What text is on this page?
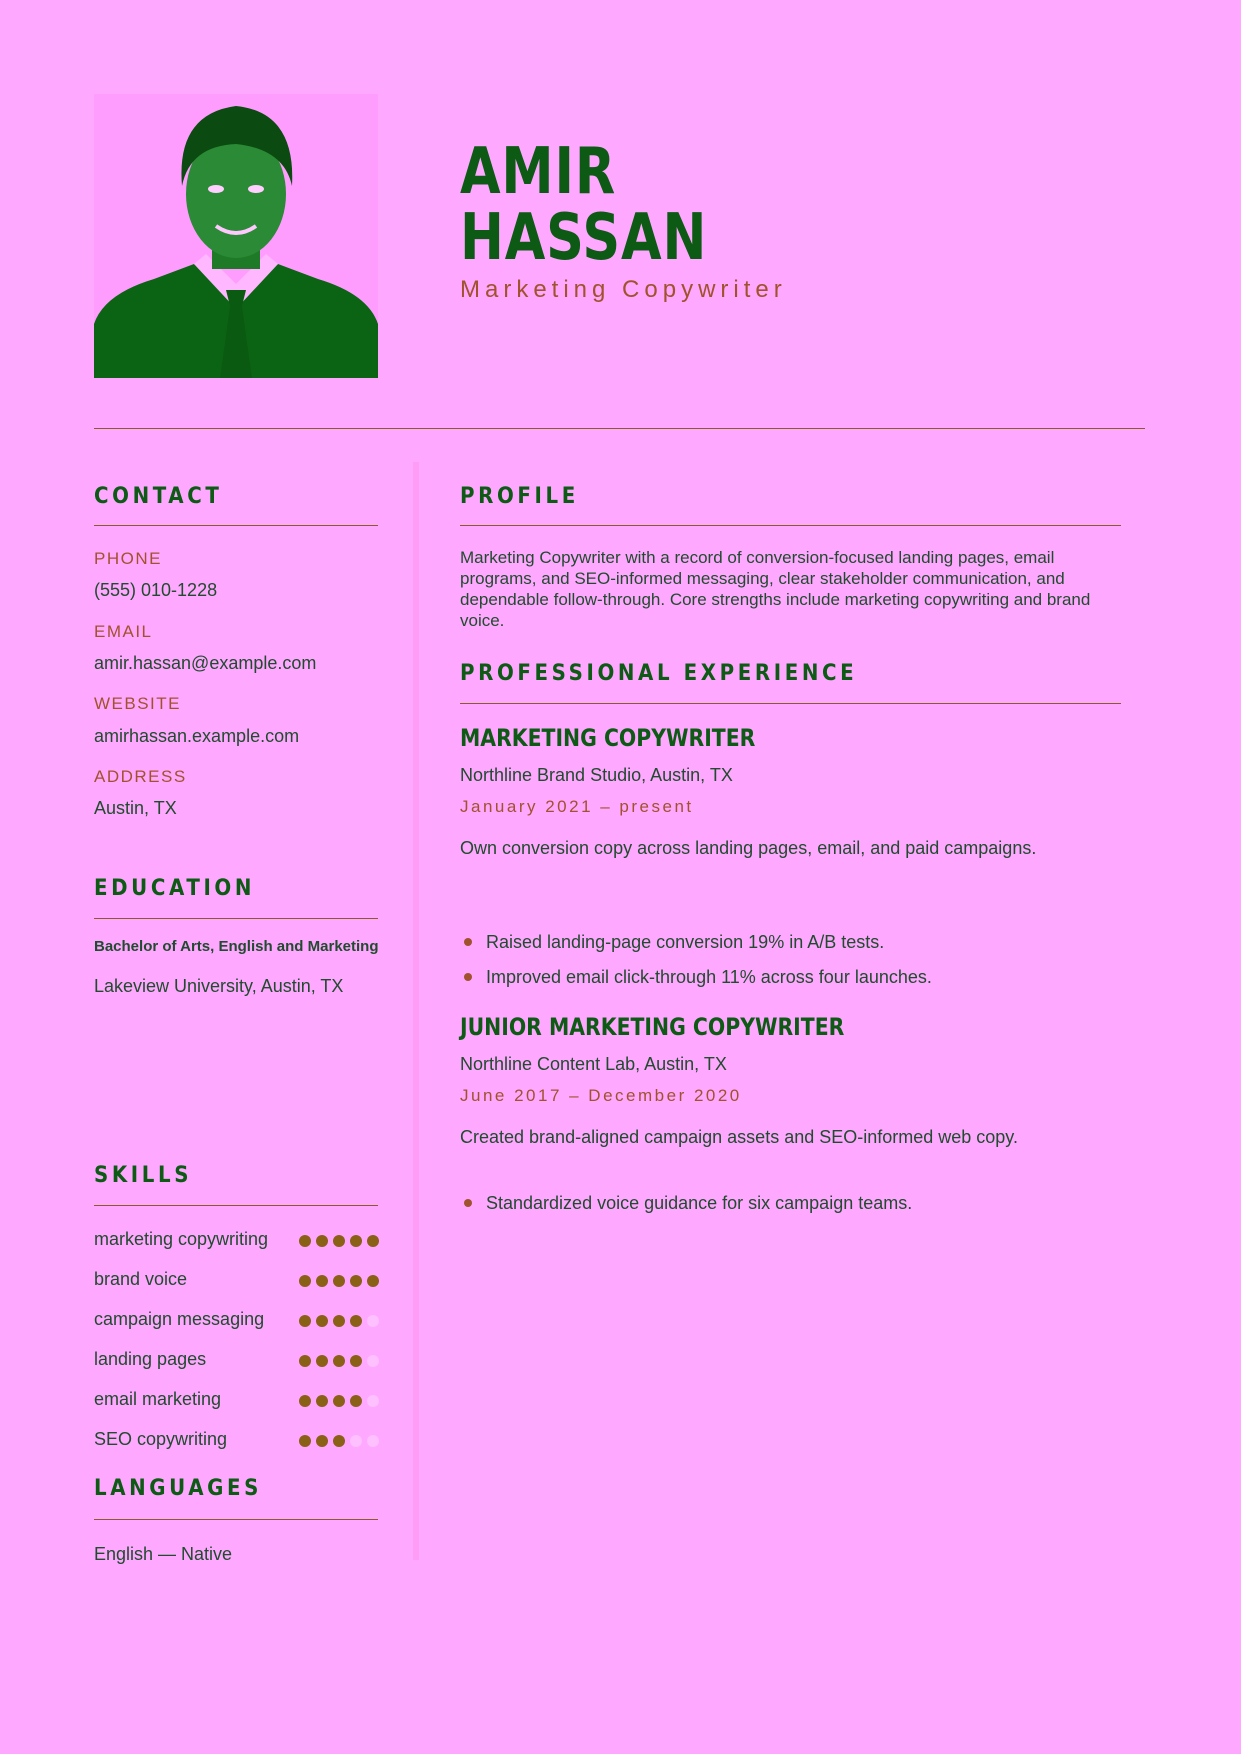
AMIR
HASSAN
Marketing Copywriter
CONTACT
PHONE
(555) 010-1228
EMAIL
amir.hassan@example.com
WEBSITE
amirhassan.example.com
ADDRESS
Austin, TX
EDUCATION
Bachelor of Arts, English and Marketing
Lakeview University, Austin, TX
SKILLS
marketing copywriting
brand voice
campaign messaging
landing pages
email marketing
SEO copywriting
LANGUAGES
English — Native
PROFILE
Marketing Copywriter with a record of conversion-focused landing pages, email programs, and SEO-informed messaging, clear stakeholder communication, and dependable follow-through. Core strengths include marketing copywriting and brand voice.
PROFESSIONAL EXPERIENCE
MARKETING COPYWRITER
Northline Brand Studio, Austin, TX
January 2021 – present
Own conversion copy across landing pages, email, and paid campaigns.
Raised landing-page conversion 19% in A/B tests.
Improved email click-through 11% across four launches.
JUNIOR MARKETING COPYWRITER
Northline Content Lab, Austin, TX
June 2017 – December 2020
Created brand-aligned campaign assets and SEO-informed web copy.
Standardized voice guidance for six campaign teams.
